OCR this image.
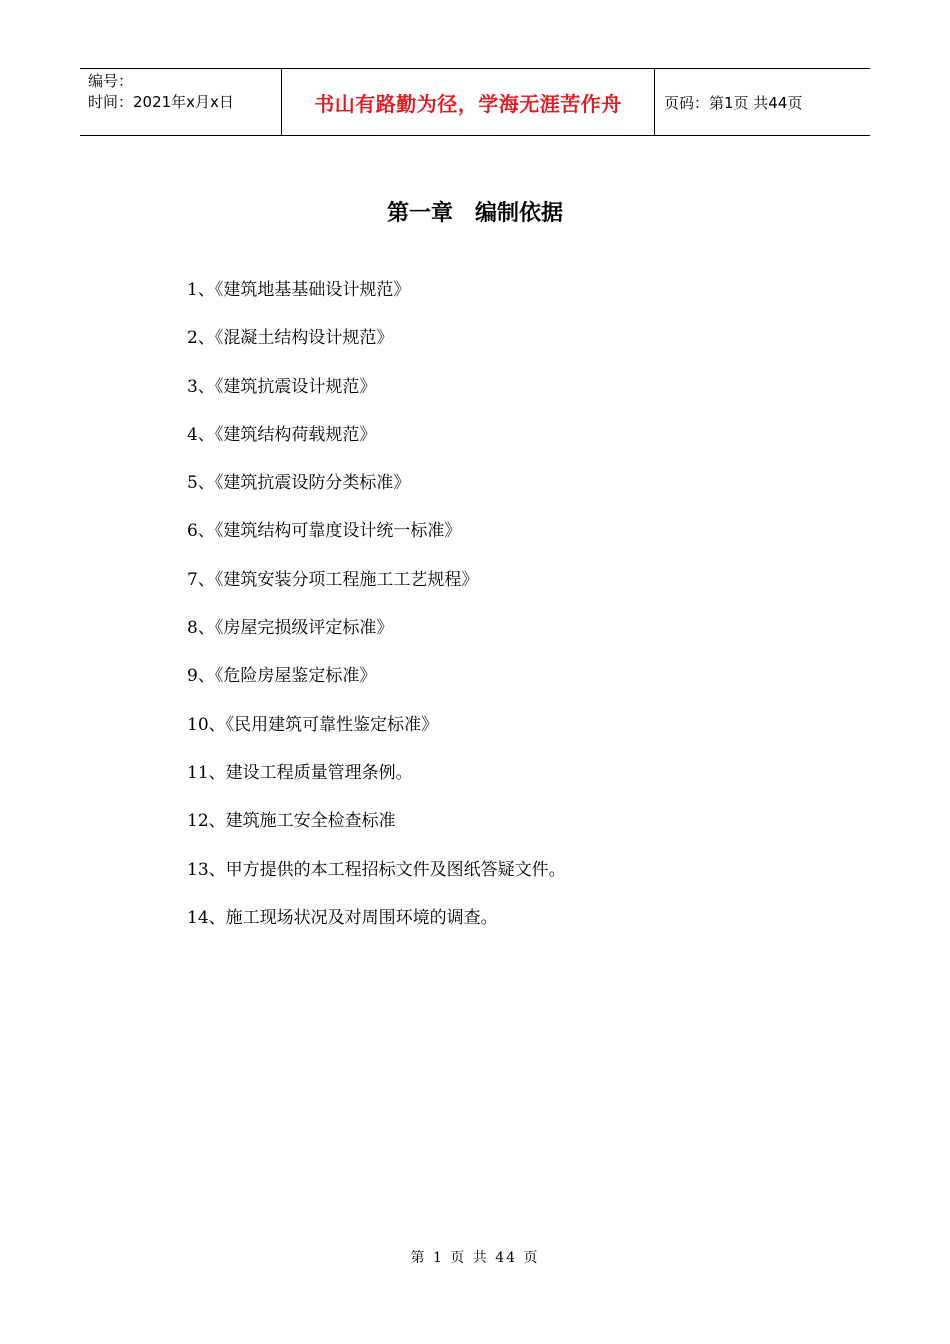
编号：
时间：2021年x月x日	书山有路勤为径，学海无涯苦作舟	页码：第1页 共44页
第一章　编制依据
1、《建筑地基基础设计规范》
2、《混凝土结构设计规范》
3、《建筑抗震设计规范》
4、《建筑结构荷载规范》
5、《建筑抗震设防分类标准》
6、《建筑结构可靠度设计统一标准》
7、《建筑安装分项工程施工工艺规程》
8、《房屋完损级评定标准》
9、《危险房屋鉴定标准》
10、《民用建筑可靠性鉴定标准》
11、建设工程质量管理条例。
12、建筑施工安全检查标准
13、甲方提供的本工程招标文件及图纸答疑文件。
14、施工现场状况及对周围环境的调查。
第 1 页 共 44 页
